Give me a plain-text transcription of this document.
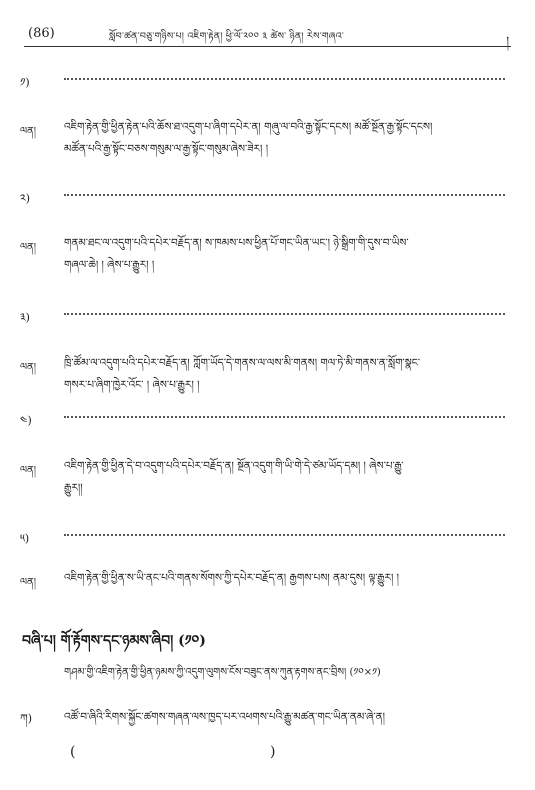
(86)	སློབ་ཚན་བཅུ་གཉིས་པ། འཇིག་རྟེན། ཕྱི་ལོ་༢༠༠ ༣ ཚེས་ ཉིན། རེས་གཞའ་	།
༡)
ལན།	འཇིག་རྟེན་གྱི་ཕྱིན་རྟེན་པའི་ཆོས་ཐ་འདུག་པ་ཞིག་དཔེར་ན། གཞུ་ལ་བའི་རྒྱ་སྟོང་དངས། མཚོ་སྔོན་རྒྱ་སྟོང་དངས།
མཚོན་པའི་རྒྱ་སྟོང་བཅས་གསུམ་ལ་རྒྱ་སྟོང་གསུམ་ཞེས་ཟེར། །
༢)
ལན།	གནམ་ཐང་ལ་འདུག་པའི་དཔེར་བརྗོད་ན། ས་ཁམས་པས་ཕྱིན་པོ་གང་ཡིན་ཡང་། ཉེ་སྒྲིག་གི་དུས་བ་ཡིས་
གཞལ་ཆེ། ། ཞེས་པ་རྒྱུར། །
༣)
ལན།	ཁྲི་ཚོམ་ལ་འདུག་པའི་དཔེར་བརྗོད་ན། ཀློག་ཡོད་དེ་གནས་ལ་ལས་མི་གནས། གལ་ཏེ་མི་གནས་ན་སློག་སྣང་
གསར་པ་ཞིག་ཁྱེར་འོང་ ། ཞེས་པ་རྒྱུར། །
༤)
ལན།	འཇིག་རྟེན་གྱི་ཕྱིན་དེ་བ་འདུག་པའི་དཔེར་བརྗོད་ན། སྔོན་འདུག་གི་ཡི་གེ་དེ་ཙམ་ཡོད་དམ། ། ཞེས་པ་རྒྱུ་
རྒྱུར།།
༥)
ལན།	འཇིག་རྟེན་གྱི་ཕྱིན་ས་ཡི་ནང་པའི་གནས་སོགས་ཀྱི་དཔེར་བརྗོད་ན། རྒྱགས་པས། ནམ་དུས། ལྟ་རྒྱུར། །
བཞི་པ། གོ་རྟོགས་དང་ཉམས་ཞིབ། (༡༠)
གཤམ་གྱི་འཇིག་རྟེན་གྱི་ཕྱིན་ཉམས་ཀྱི་འདུག་ལུགས་ངོས་བཟུང་ནས་ཀུན་རྟགས་ནང་བྲིས། (༡༠×༡)
ཀ)	འཚོ་བ་ཞིའི་རིགས་སྐྱོང་ཚགས་གཞན་ལས་ཁྱད་པར་འཕགས་པའི་རྒྱུ་མཚན་གང་ཡིན་ནམ་ཞེ་ན།
(	)
